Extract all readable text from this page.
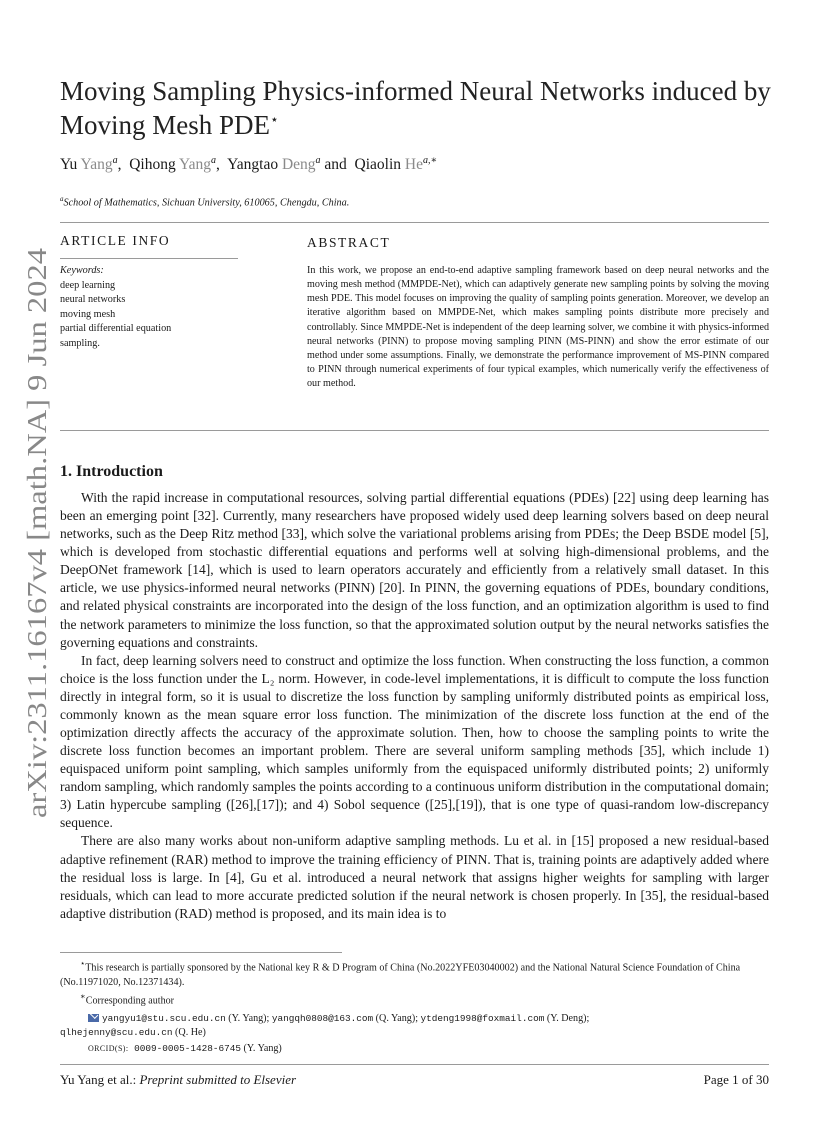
arXiv:2311.16167v4 [math.NA] 9 Jun 2024
Moving Sampling Physics-informed Neural Networks induced by
Moving Mesh PDE⋆
Yu Yang$^a$, Qihong Yang$^a$, Yangtao Deng$^a$ and Qiaolin $He^{a,∗}$
$^a$School of Mathematics, Sichuan University, 610065, Chengdu, China.
ARTICLE INFO
Keywords:
deep learning
neural networks
moving mesh
partial differential equation
sampling.
ABSTRACT
In this work, we propose an end-to-end adaptive sampling framework based on deep neural networks and the moving mesh method (MMPDE-Net), which can adaptively generate new sampling points by solving the moving mesh PDE. This model focuses on improving the quality of sampling points generation. Moreover, we develop an iterative algorithm based on MMPDE-Net, which makes sampling points distribute more precisely and controllably. Since MMPDE-Net is independent of the deep learning solver, we combine it with physics-informed neural networks (PINN) to propose moving sampling PINN (MS-PINN) and show the error estimate of our method under some assumptions. Finally, we demonstrate the performance improvement of MS-PINN compared to PINN through numerical experiments of four typical examples, which numerically verify the effectiveness of our method.
1. Introduction

With the rapid increase in computational resources, solving partial differential equations (PDEs) [22] using deep learning has been an emerging point [32]. Currently, many researchers have proposed widely used deep learning solvers based on deep neural networks, such as the Deep Ritz method [33], which solve the variational problems arising from PDEs; the Deep BSDE model [5], which is developed from stochastic differential equations and performs well at solving high-dimensional problems, and the DeepONet framework [14], which is used to learn operators accurately and efficiently from a relatively small dataset. In this article, we use physics-informed neural networks (PINN) [20]. In PINN, the governing equations of PDEs, boundary conditions, and related physical constraints are incorporated into the design of the loss function, and an optimization algorithm is used to find the network parameters to minimize the loss function, so that the approximated solution output by the neural networks satisfies the governing equations and constraints.

In fact, deep learning solvers need to construct and optimize the loss function. When constructing the loss function, a common choice is the loss function under the L₂ norm. However, in code-level implementations, it is difficult to compute the loss function directly in integral form, so it is usual to discretize the loss function by sampling uniformly distributed points as empirical loss, commonly known as the mean square error loss function. The minimization of the discrete loss function at the end of the optimization directly affects the accuracy of the approximate solution. Then, how to choose the sampling points to write the discrete loss function becomes an important problem. There are several uniform sampling methods [35], which include 1) equispaced uniform point sampling, which samples uniformly from the equispaced uniformly distributed points; 2) uniformly random sampling, which randomly samples the points according to a continuous uniform distribution in the computational domain; 3) Latin hypercube sampling ([26],[17]); and 4) Sobol sequence ([25],[19]), that is one type of quasi-random low-discrepancy sequence.

There are also many works about non-uniform adaptive sampling methods. Lu et al. in [15] proposed a new residual-based adaptive refinement (RAR) method to improve the training efficiency of PINN. That is, training points are adaptively added where the residual loss is large. In [4], Gu et al. introduced a neural network that assigns higher weights for sampling with larger residuals, which can lead to more accurate predicted solution if the neural network is chosen properly. In [35], the residual-based adaptive distribution (RAD) method is proposed, and its main idea is to

⋆This research is partially sponsored by the National key R & D Program of China (No.2022YFE03040002) and the National Natural Science Foundation of China (No.11971020, No.12371434).
∗Corresponding author
yangyu1@stu.scu.edu.cn (Y. Yang); yangqh0808@163.com (Q. Yang); ytdeng1998@foxmail.com (Y. Deng);
qlhejenny@scu.edu.cn (Q. He)
ORCID(S): 0009-0005-1428-6745 (Y. Yang)
Yu Yang et al.: Preprint submitted to Elsevier	Page 1 of 30
